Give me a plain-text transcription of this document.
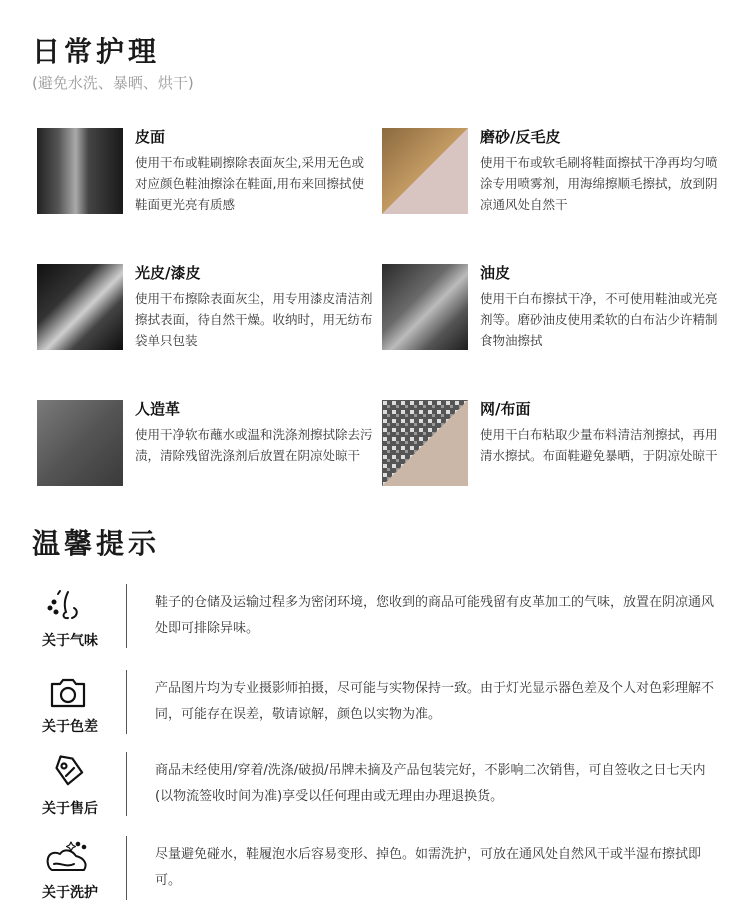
日常护理
(避免水洗、暴晒、烘干)
皮面
使用干布或鞋刷擦除表面灰尘,采用无色或对应颜色鞋油擦涂在鞋面,用布来回擦拭使鞋面更光亮有质感
磨砂/反毛皮
使用干布或软毛刷将鞋面擦拭干净再均匀喷涂专用喷雾剂，用海绵擦顺毛擦拭，放到阴凉通风处自然干
光皮/漆皮
使用干布擦除表面灰尘，用专用漆皮清洁剂擦拭表面，待自然干燥。收纳时，用无纺布袋单只包装
油皮
使用干白布擦拭干净，不可使用鞋油或光亮剂等。磨砂油皮使用柔软的白布沾少许精制食物油擦拭
人造革
使用干净软布蘸水或温和洗涤剂擦拭除去污渍，清除残留洗涤剂后放置在阴凉处晾干
网/布面
使用干白布粘取少量布料清洁剂擦拭，再用清水擦拭。布面鞋避免暴晒，于阴凉处晾干
温馨提示
关于气味
鞋子的仓储及运输过程多为密闭环境，您收到的商品可能残留有皮革加工的气味，放置在阴凉通风处即可排除异味。
关于色差
产品图片均为专业摄影师拍摄，尽可能与实物保持一致。由于灯光显示器色差及个人对色彩理解不同，可能存在误差，敬请谅解，颜色以实物为准。
关于售后
商品未经使用/穿着/洗涤/破损/吊牌未摘及产品包装完好，不影响二次销售，可自签收之日七天内 (以物流签收时间为准)享受以任何理由或无理由办理退换货。
关于洗护
尽量避免碰水，鞋履泡水后容易变形、掉色。如需洗护，可放在通风处自然风干或半湿布擦拭即可。
